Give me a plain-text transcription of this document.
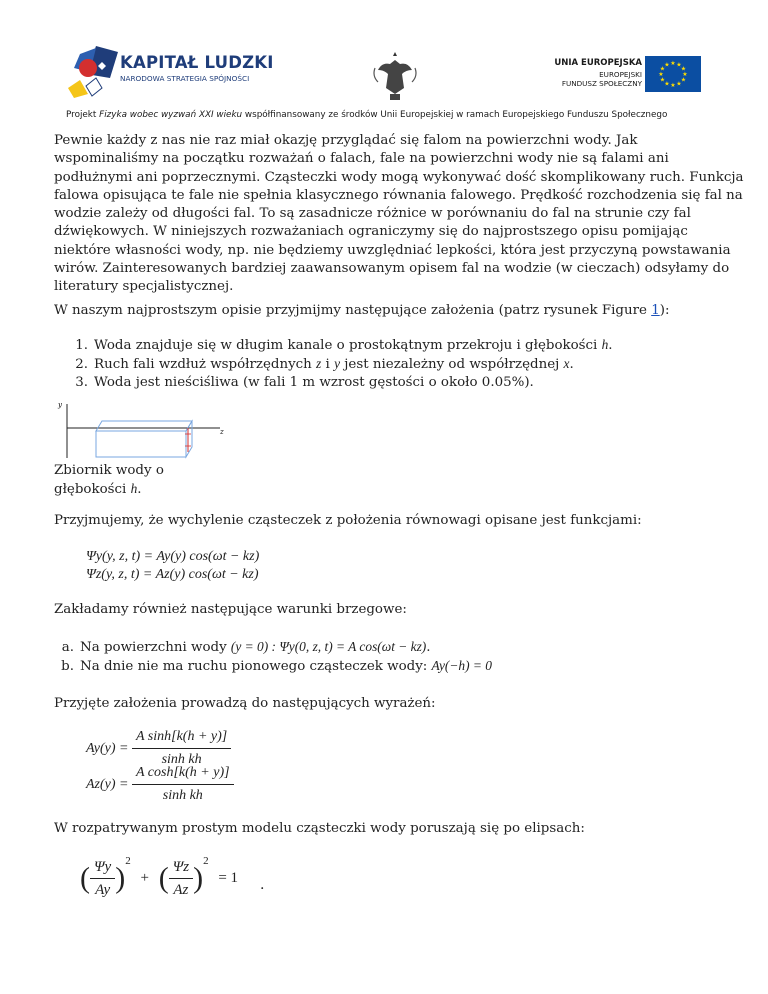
KAPITAŁ LUDZKI
NARODOWA STRATEGIA SPÓJNOŚCI
UNIA EUROPEJSKA
EUROPEJSKI
FUNDUSZ SPOŁECZNY
★ ★
★
★
★
★
★
★
★
★
★
★
Projekt Fizyka wobec wyzwań XXI wieku współfinansowany ze środków Unii Europejskiej w ramach Europejskiego Funduszu Społecznego

Pewnie każdy z nas nie raz miał okazję przyglądać się falom na powierzchni wody. Jak
wspominaliśmy na początku rozważań o falach, fale na powierzchni wody nie są falami ani
podłużnymi ani poprzecznymi. Cząsteczki wody mogą wykonywać dość skomplikowany ruch. Funkcja
falowa opisująca te fale nie spełnia klasycznego równania falowego. Prędkość rozchodzenia się fal na
wodzie zależy od długości fal. To są zasadnicze różnice w porównaniu do fal na strunie czy fal
dźwiękowych. W niniejszych rozważaniach ograniczymy się do najprostszego opisu pomijając
niektóre własności wody, np. nie będziemy uwzględniać lepkości, która jest przyczyną powstawania
wirów. Zainteresowanych bardziej zaawansowanym opisem fal na wodzie (w cieczach) odsyłamy do
literatury specjalistycznej.

W naszym najprostszym opisie przyjmijmy następujące założenia (patrz rysunek Figure 1):

1. Woda znajduje się w długim kanale o prostokątnym przekroju i głębokości h.
2. Ruch fali wzdłuż współrzędnych z i y jest niezależny od współrzędnej x.
3. Woda jest nieściśliwa (w fali 1 m wzrost gęstości o około 0.05%).
y
z
Zbiornik wody o
głębokości h.

Przyjmujemy, że wychylenie cząsteczek z położenia równowagi opisane jest funkcjami:

Ψy(y, z, t) = Ay(y) cos(ωt − kz)
Ψz(y, z, t) = Az(y) cos(ωt − kz)

Zakładamy również następujące warunki brzegowe:

a. Na powierzchni wody (y = 0) : Ψy(0, z, t) = A cos(ωt − kz).
b. Na dnie nie ma ruchu pionowego cząsteczek wody: Ay(−h) = 0

Przyjęte założenia prowadzą do następujących wyrażeń:

$Ay(y) = \frac{\text{A sinh[k(h + y)]}}{\text{sinh kh}}$
$Az(y) = \frac{\text{A cosh[k(h + y)]}}{\text{sinh kh}}$

W rozpatrywanym prostym modelu cząsteczki wody poruszają się po elipsach:

( $\frac{\Psi y}{Ay} )^2$ + ( $\frac{\Psi z}{Az} )^2 = 1$ .
